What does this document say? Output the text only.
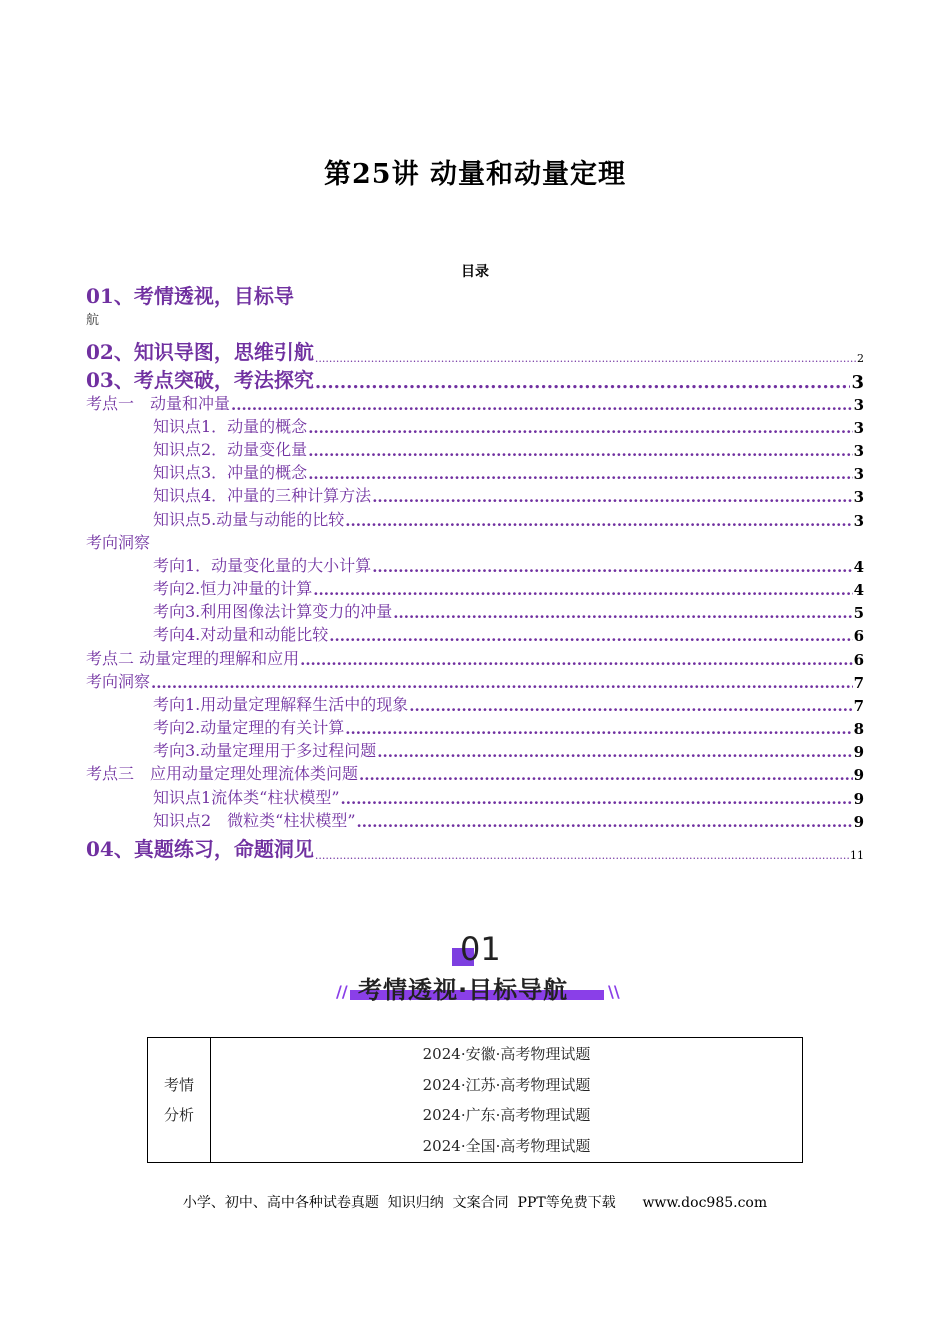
第25讲 动量和动量定理
目录
01、考情透视，目标导
航
02、知识导图，思维引航 .....	2
03、考点突破，考法探究 .....	3
考点一　动量和冲量 .....	3
知识点1．动量的概念 .....	3
知识点2．动量变化量 .....	3
知识点3．冲量的概念 .....	3
知识点4．冲量的三种计算方法 .....	3
知识点5.动量与动能的比较 .....	3
考向洞察
考向1．动量变化量的大小计算 .....	4
考向2.恒力冲量的计算 .....	4
考向3.利用图像法计算变力的冲量 .....	5
考向4.对动量和动能比较 .....	6
考点二 动量定理的理解和应用 .....	6
考向洞察 .....	7
考向1.用动量定理解释生活中的现象 .....	7
考向2.动量定理的有关计算 .....	8
考向3.动量定理用于多过程问题 .....	9
考点三　应用动量定理处理流体类问题 .....	9
知识点1流体类“柱状模型” .....	9
知识点2　微粒类“柱状模型” .....	9
04、真题练习，命题洞见 .....	11
01
考情透视·目标导航
//	\\
考情
分析

2024·安徽·高考物理试题
2024·江苏·高考物理试题
2024·广东·高考物理试题
2024·全国·高考物理试题
小学、初中、高中各种试卷真题  知识归纳  文案合同  PPT等免费下载      www.doc985.com
